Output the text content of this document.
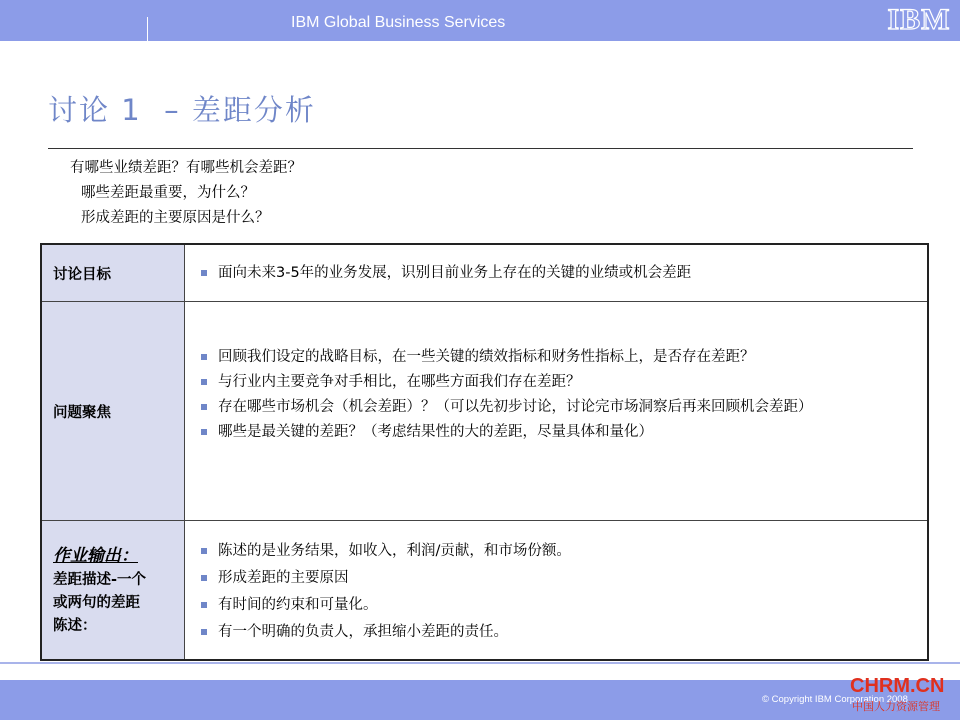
IBM Global Business Services	IBM
讨论 1  – 差距分析
有哪些业绩差距？有哪些机会差距？
哪些差距最重要，为什么？
形成差距的主要原因是什么？
讨论目标	面向未来3-5年的业务发展，识别目前业务上存在的关键的业绩或机会差距
问题聚焦
回顾我们设定的战略目标，在一些关键的绩效指标和财务性指标上，是否存在差距？
与行业内主要竞争对手相比，在哪些方面我们存在差距？
存在哪些市场机会（机会差距）？（可以先初步讨论，讨论完市场洞察后再来回顾机会差距）
哪些是最关键的差距？（考虑结果性的大的差距，尽量具体和量化）
作业输出：
差距描述-一个
或两句的差距
陈述：
陈述的是业务结果，如收入，利润/贡献，和市场份额。
形成差距的主要原因
有时间的约束和可量化。
有一个明确的负责人，承担缩小差距的责任。
© Copyright IBM Corporation 2008
CHRM.CN
中国人力资源管理
